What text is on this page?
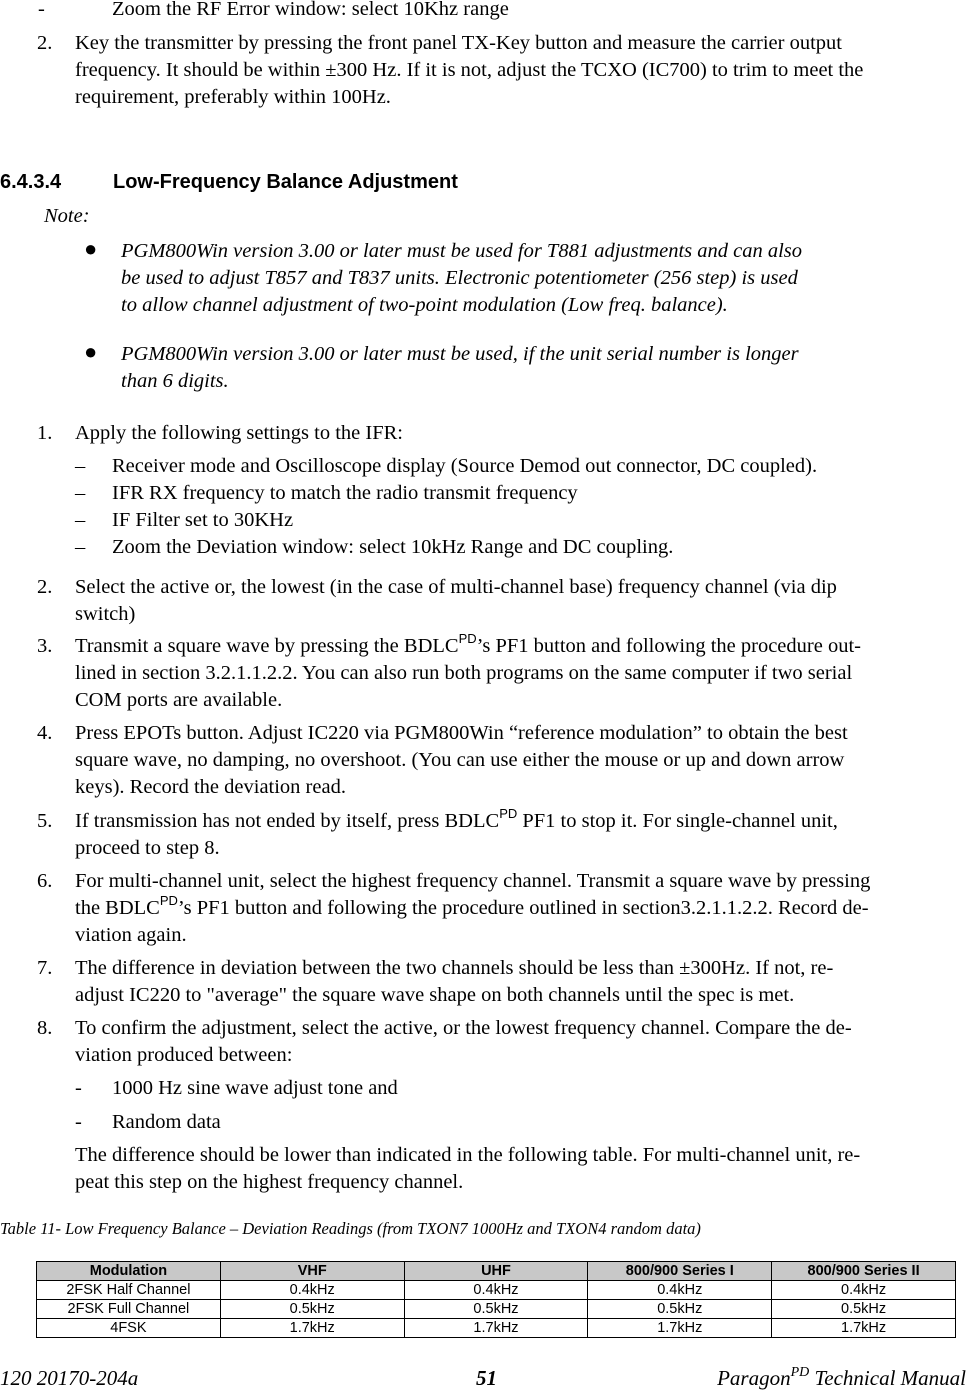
-	Zoom the RF Error window: select 10Khz range
2. Key the transmitter by pressing the front panel TX-Key button and measure the carrier output
frequency. It should be within ±300 Hz. If it is not, adjust the TCXO (IC700) to trim to meet the
requirement, preferably within 100Hz.
6.4.3.4	Low-Frequency Balance Adjustment
Note:
● PGM800Win version 3.00 or later must be used for T881 adjustments and can also
be used to adjust T857 and T837 units. Electronic potentiometer (256 step) is used
to allow channel adjustment of two-point modulation (Low freq. balance).
● PGM800Win version 3.00 or later must be used, if the unit serial number is longer
than 6 digits.
1. Apply the following settings to the IFR:
– Receiver mode and Oscilloscope display (Source Demod out connector, DC coupled).
– IFR RX frequency to match the radio transmit frequency
– IF Filter set to 30KHz
– Zoom the Deviation window: select 10kHz Range and DC coupling.
2. Select the active or, the lowest (in the case of multi-channel base) frequency channel (via dip
switch)
3. Transmit a square wave by pressing the $BDLC^{PD}’s$ PF1 button and following the procedure out-
lined in section 3.2.1.1.2.2. You can also run both programs on the same computer if two serial
COM ports are available.
4. Press EPOTs button. Adjust IC220 via PGM800Win “reference modulation” to obtain the best
square wave, no damping, no overshoot. (You can use either the mouse or up and down arrow
keys). Record the deviation read.
5. If transmission has not ended by itself, press $BDLC^{PD}$ PF1 to stop it. For single-channel unit,
proceed to step 8.
6. For multi-channel unit, select the highest frequency channel. Transmit a square wave by pressing
the $BDLC^{PD}’s$ PF1 button and following the procedure outlined in section3.2.1.1.2.2. Record de-
viation again.
7. The difference in deviation between the two channels should be less than ±300Hz. If not, re-
adjust IC220 to "average" the square wave shape on both channels until the spec is met.
8. To confirm the adjustment, select the active, or the lowest frequency channel. Compare the de-
viation produced between:
- 1000 Hz sine wave adjust tone and
- Random data
The difference should be lower than indicated in the following table. For multi-channel unit, re-
peat this step on the highest frequency channel.
Table 11- Low Frequency Balance – Deviation Readings (from TXON7 1000Hz and TXON4 random data)
Modulation	VHF	UHF	800/900 Series I	800/900 Series II
2FSK Half Channel	0.4kHz	0.4kHz	0.4kHz	0.4kHz
2FSK Full Channel	0.5kHz	0.5kHz	0.5kHz	0.5kHz
4FSK	1.7kHz	1.7kHz	1.7kHz	1.7kHz
120 20170-204a	51	Paragon$^{PD}$ Technical Manual
